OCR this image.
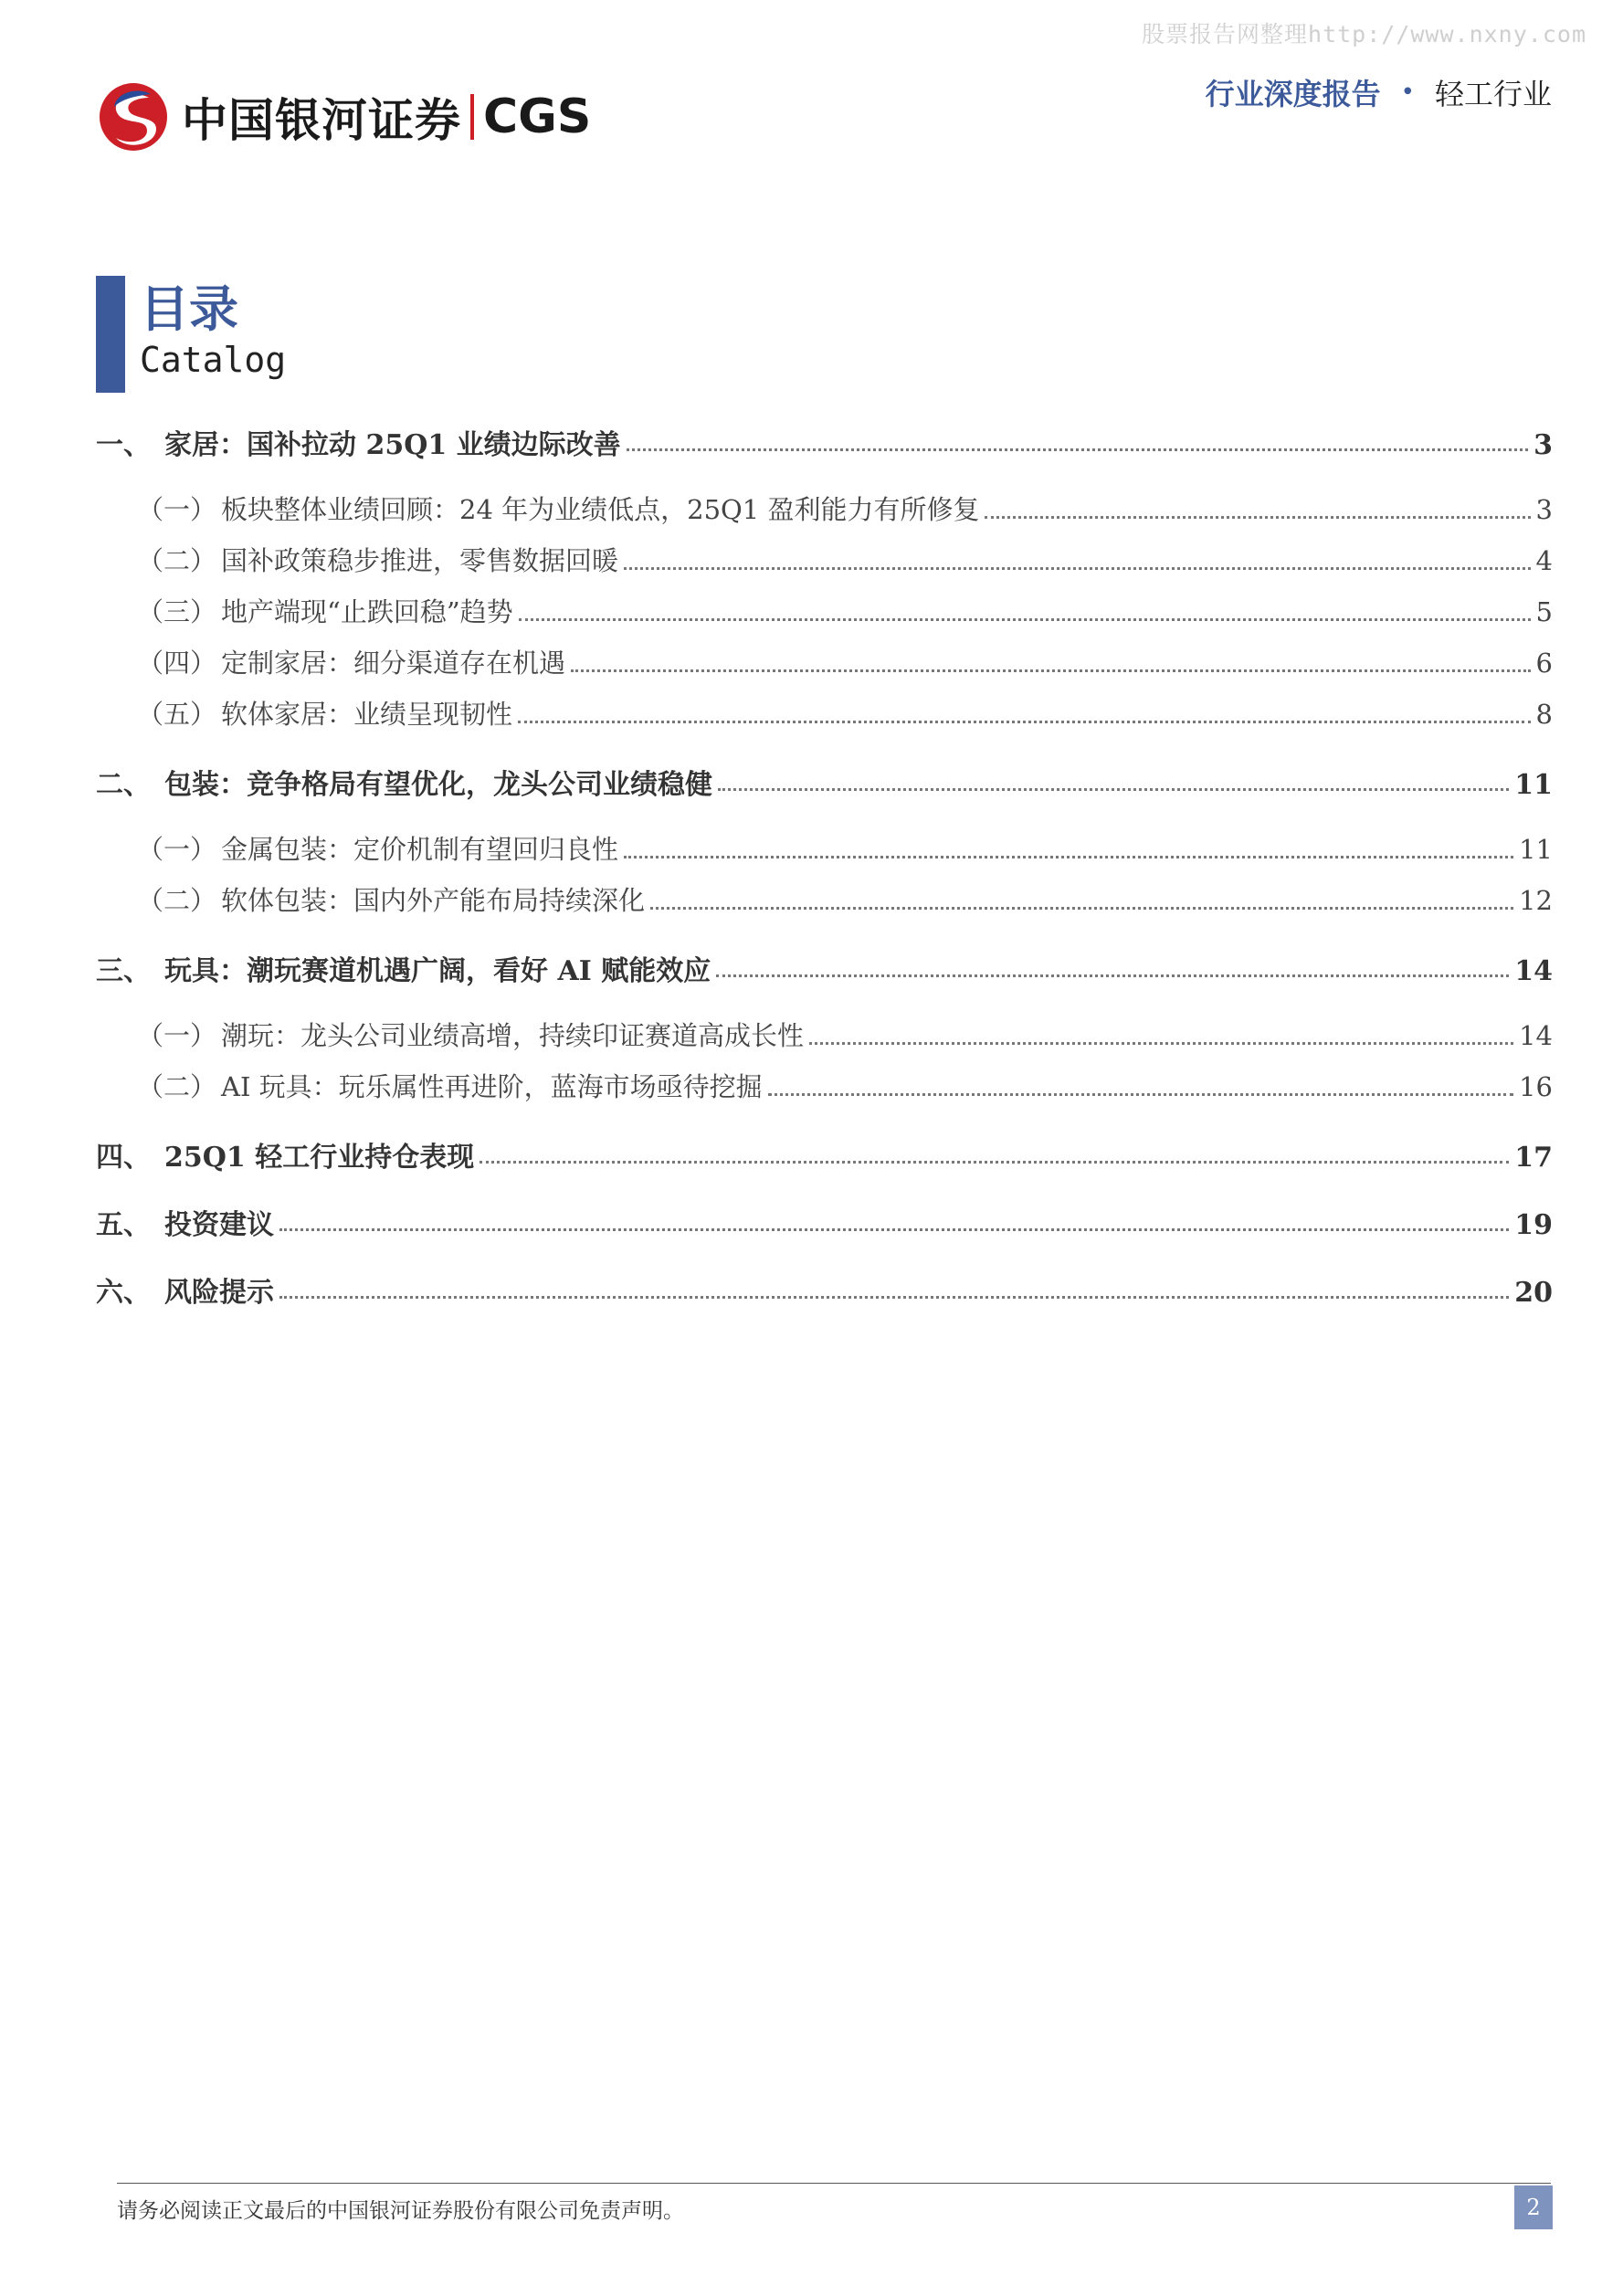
股票报告网整理http://www.nxny.com
中国银河证券 CGS	行业深度报告 • 轻工行业
目录
Catalog
一、 家居：国补拉动 25Q1 业绩边际改善	3
（一） 板块整体业绩回顾：24 年为业绩低点，25Q1 盈利能力有所修复	3
（二） 国补政策稳步推进，零售数据回暖	4
（三） 地产端现“止跌回稳”趋势	5
（四） 定制家居：细分渠道存在机遇	6
（五） 软体家居：业绩呈现韧性	8
二、 包装：竞争格局有望优化，龙头公司业绩稳健	11
（一） 金属包装：定价机制有望回归良性	11
（二） 软体包装：国内外产能布局持续深化	12
三、 玩具：潮玩赛道机遇广阔，看好 AI 赋能效应	14
（一） 潮玩：龙头公司业绩高增，持续印证赛道高成长性	14
（二） AI 玩具：玩乐属性再进阶，蓝海市场亟待挖掘	16
四、 25Q1 轻工行业持仓表现	17
五、 投资建议	19
六、 风险提示	20
请务必阅读正文最后的中国银河证券股份有限公司免责声明。	2
